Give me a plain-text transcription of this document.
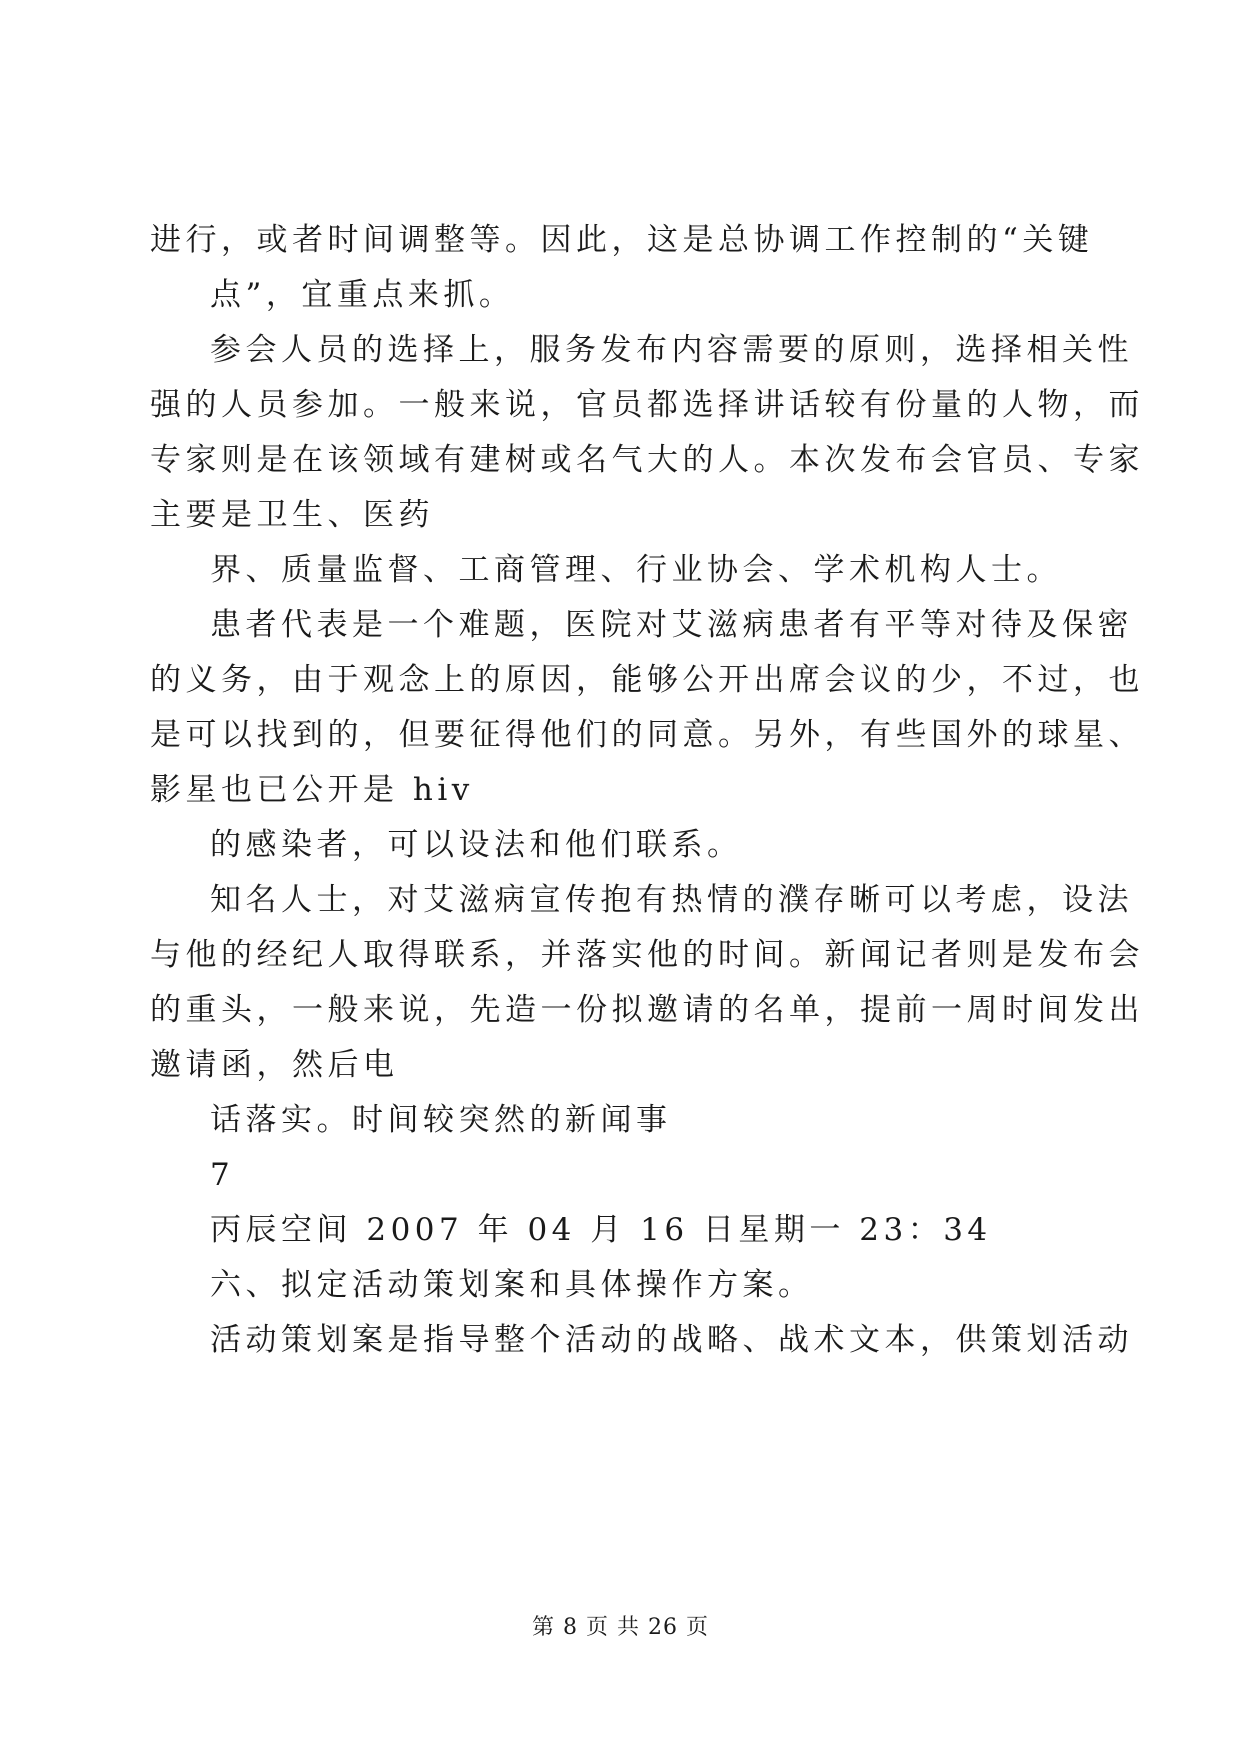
进行，或者时间调整等。因此，这是总协调工作控制的“关键
点”，宜重点来抓。
参会人员的选择上，服务发布内容需要的原则，选择相关性
强的人员参加。一般来说，官员都选择讲话较有份量的人物，而
专家则是在该领域有建树或名气大的人。本次发布会官员、专家
主要是卫生、医药
界、质量监督、工商管理、行业协会、学术机构人士。
患者代表是一个难题，医院对艾滋病患者有平等对待及保密
的义务，由于观念上的原因，能够公开出席会议的少，不过，也
是可以找到的，但要征得他们的同意。另外，有些国外的球星、
影星也已公开是 hiv
的感染者，可以设法和他们联系。
知名人士，对艾滋病宣传抱有热情的濮存晰可以考虑，设法
与他的经纪人取得联系，并落实他的时间。新闻记者则是发布会
的重头，一般来说，先造一份拟邀请的名单，提前一周时间发出
邀请函，然后电
话落实。时间较突然的新闻事
7
丙辰空间 2007 年 04 月 16 日星期一 23：34
六、拟定活动策划案和具体操作方案。
活动策划案是指导整个活动的战略、战术文本，供策划活动
第 8 页 共 26 页
